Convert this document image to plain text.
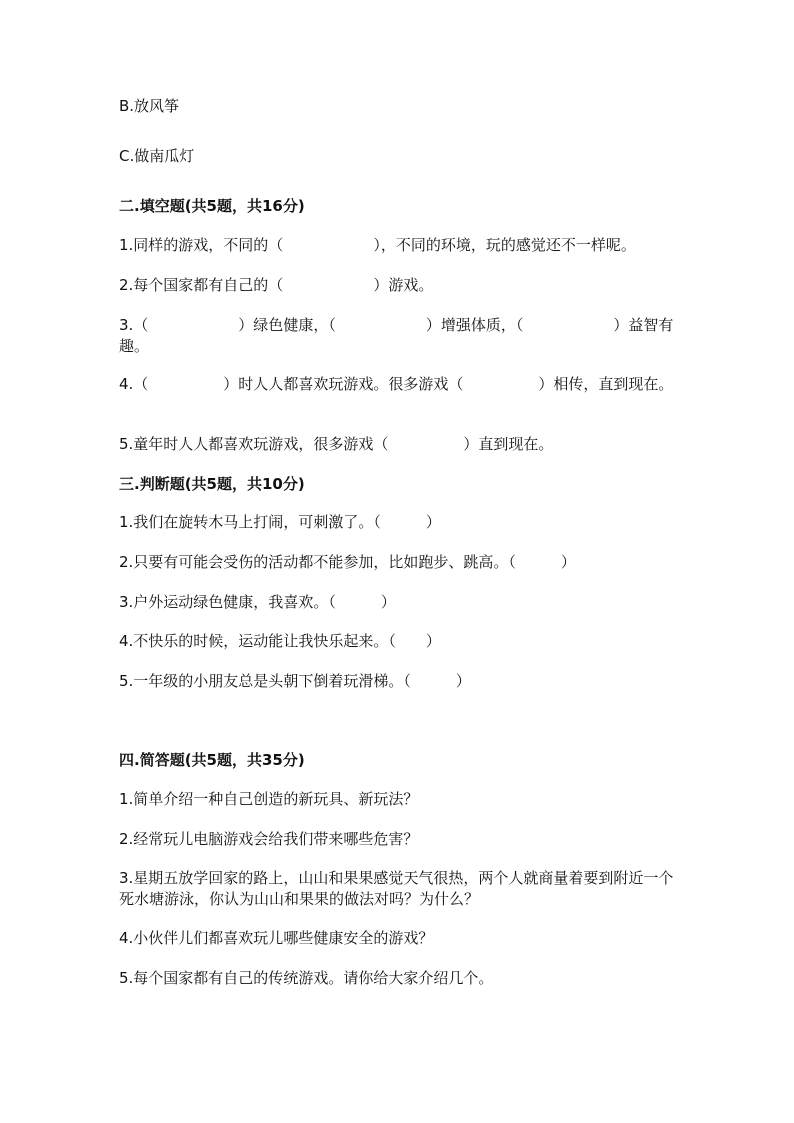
B.放风筝
C.做南瓜灯
二.填空题(共5题，共16分)
1.同样的游戏，不同的（　　　　　　），不同的环境，玩的感觉还不一样呢。
2.每个国家都有自己的（　　　　　　）游戏。
3.（　　　　　　）绿色健康，（　　　　　　）增强体质，（　　　　　　）益智有趣。
4.（　　　　　）时人人都喜欢玩游戏。很多游戏（　　　　　）相传，直到现在。
5.童年时人人都喜欢玩游戏，很多游戏（　　　　　）直到现在。
三.判断题(共5题，共10分)
1.我们在旋转木马上打闹，可刺激了。（　　　）
2.只要有可能会受伤的活动都不能参加，比如跑步、跳高。（　　　）
3.户外运动绿色健康，我喜欢。（　　　）
4.不快乐的时候，运动能让我快乐起来。（　　）
5.一年级的小朋友总是头朝下倒着玩滑梯。（　　　）
四.简答题(共5题，共35分)
1.简单介绍一种自己创造的新玩具、新玩法？
2.经常玩儿电脑游戏会给我们带来哪些危害？
3.星期五放学回家的路上，山山和果果感觉天气很热，两个人就商量着要到附近一个死水塘游泳，你认为山山和果果的做法对吗？为什么？
4.小伙伴儿们都喜欢玩儿哪些健康安全的游戏？
5.每个国家都有自己的传统游戏。请你给大家介绍几个。
